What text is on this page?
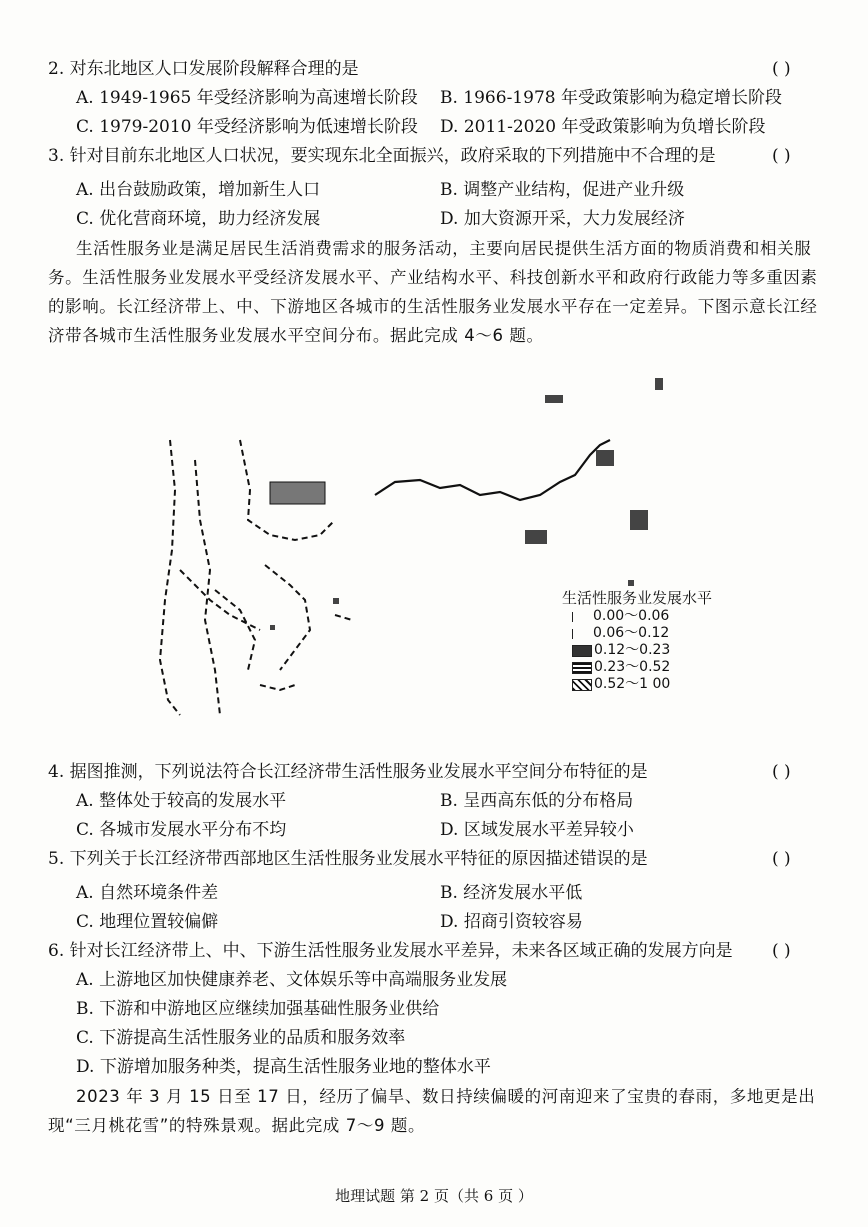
2. 对东北地区人口发展阶段解释合理的是	( )
A. 1949-1965 年受经济影响为高速增长阶段 B. 1966-1978 年受政策影响为稳定增长阶段
C. 1979-2010 年受经济影响为低速增长阶段 D. 2011-2020 年受政策影响为负增长阶段
3. 针对目前东北地区人口状况，要实现东北全面振兴，政府采取的下列措施中不合理的是	( )
A. 出台鼓励政策，增加新生人口	B. 调整产业结构，促进产业升级
C. 优化营商环境，助力经济发展	D. 加大资源开采，大力发展经济
生活性服务业是满足居民生活消费需求的服务活动，主要向居民提供生活方面的物质消费和相关服务。生活性服务业发展水平受经济发展水平、产业结构水平、科技创新水平和政府行政能力等多重因素的影响。长江经济带上、中、下游地区各城市的生活性服务业发展水平存在一定差异。下图示意长江经济带各城市生活性服务业发展水平空间分布。据此完成 4～6 题。
生活性服务业发展水平
0.00～0.06
0.06～0.12
0.12～0.23
0.23～0.52
0.52～1 00
4. 据图推测，下列说法符合长江经济带生活性服务业发展水平空间分布特征的是	( )
A. 整体处于较高的发展水平	B. 呈西高东低的分布格局
C. 各城市发展水平分布不均	D. 区域发展水平差异较小
5. 下列关于长江经济带西部地区生活性服务业发展水平特征的原因描述错误的是	( )
A. 自然环境条件差	B. 经济发展水平低
C. 地理位置较偏僻	D. 招商引资较容易
6. 针对长江经济带上、中、下游生活性服务业发展水平差异，未来各区域正确的发展方向是 ( )
A. 上游地区加快健康养老、文体娱乐等中高端服务业发展
B. 下游和中游地区应继续加强基础性服务业供给
C. 下游提高生活性服务业的品质和服务效率
D. 下游增加服务种类，提高生活性服务业地的整体水平
2023 年 3 月 15 日至 17 日，经历了偏旱、数日持续偏暖的河南迎来了宝贵的春雨，多地更是出现“三月桃花雪”的特殊景观。据此完成 7～9 题。
地理试题 第 2 页（共 6 页 ）
